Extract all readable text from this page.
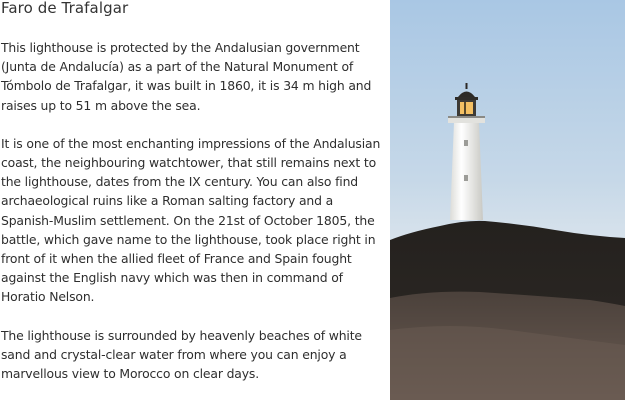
Faro de Trafalgar

This lighthouse is protected by the Andalusian government (Junta de Andalucía) as a part of the Natural Monument of Tómbolo de Trafalgar, it was built in 1860, it is 34 m high and raises up to 51 m above the sea.

It is one of the most enchanting impressions of the Andalusian coast, the neighbouring watchtower, that still remains next to the lighthouse, dates from the IX century. You can also find archaeological ruins like a Roman salting factory and a Spanish-Muslim settlement. On the 21st of October 1805, the battle, which gave name to the lighthouse, took place right in front of it when the allied fleet of France and Spain fought against the English navy which was then in command of Horatio Nelson.

The lighthouse is surrounded by heavenly beaches of white sand and crystal-clear water from where you can enjoy a marvellous view to Morocco on clear days.
